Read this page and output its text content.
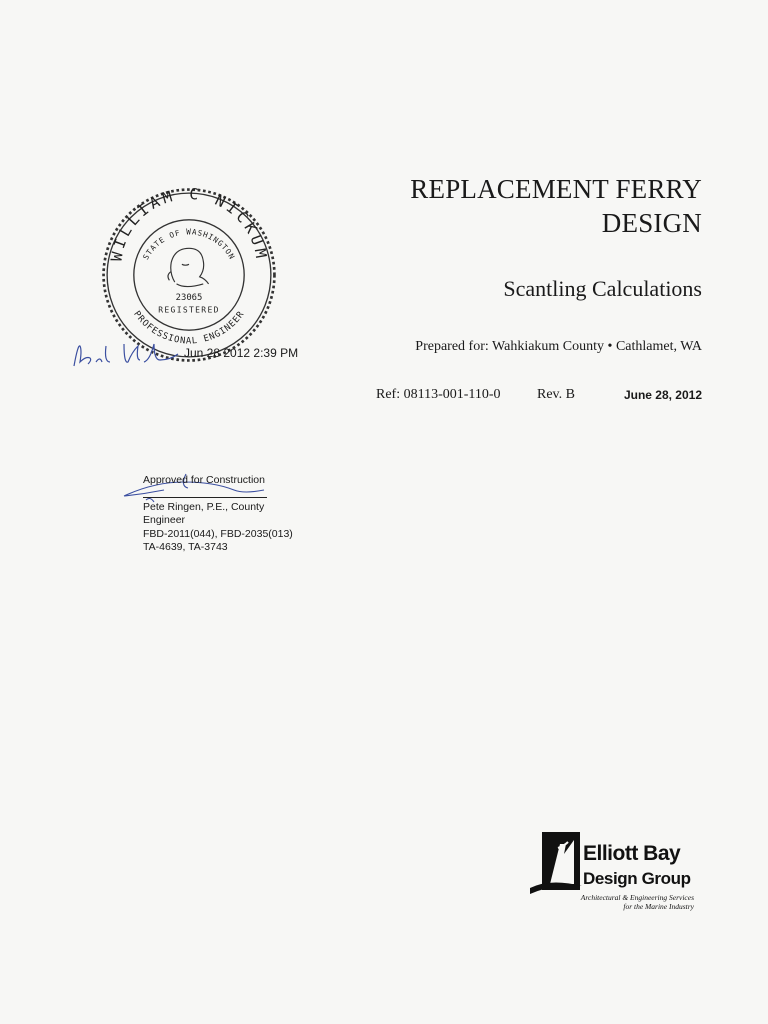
REPLACEMENT FERRY
DESIGN
Scantling Calculations
Prepared for: Wahkiakum County • Cathlamet, WA
Ref: 08113-001-110-0	Rev. B	June 28, 2012
WILLIAM C NICKUM
STATE OF WASHINGTON
PROFESSIONAL ENGINEER
23065
REGISTERED
Jun 28 2012 2:39 PM
Approved for Construction
Pete Ringen, P.E., County Engineer
FBD-2011(044), FBD-2035(013)
TA-4639, TA-3743
Elliott Bay
Design Group
Architectural & Engineering Services
for the Marine Industry
